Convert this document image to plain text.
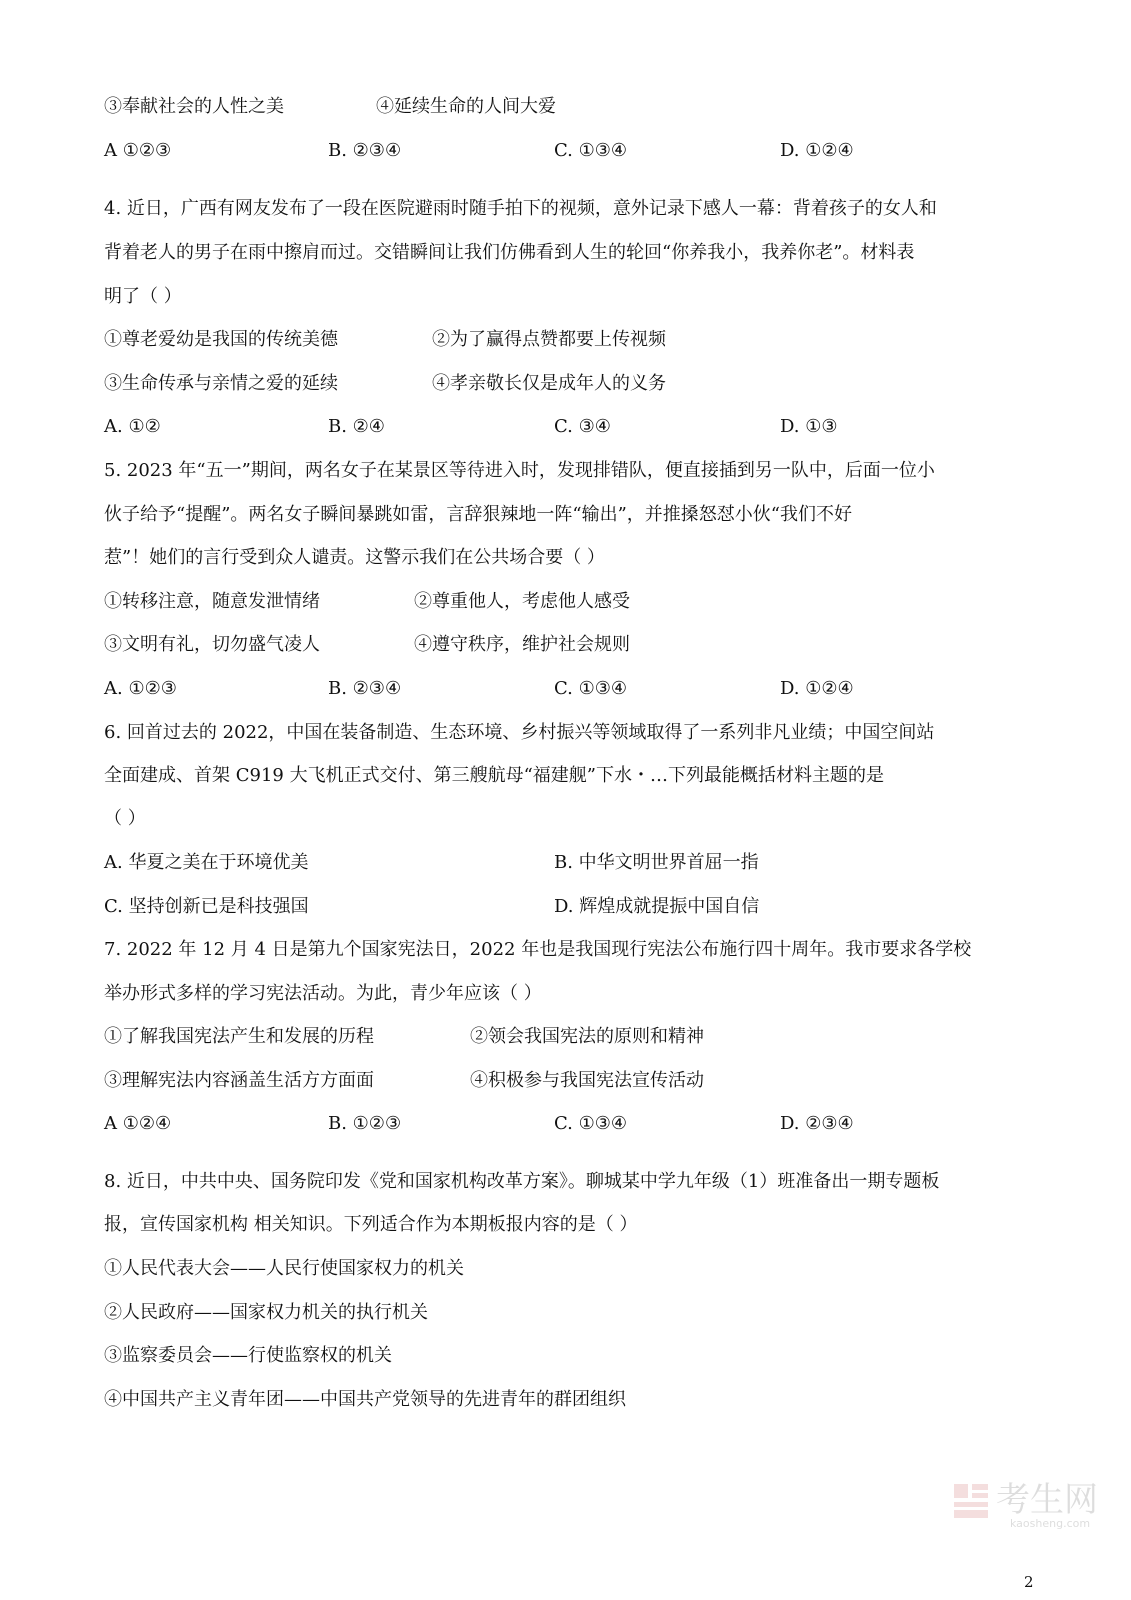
③奉献社会的人性之美	④延续生命的人间大爱
A ①②③	B. ②③④	C. ①③④	D. ①②④
4. 近日，广西有网友发布了一段在医院避雨时随手拍下的视频，意外记录下感人一幕：背着孩子的女人和
背着老人的男子在雨中擦肩而过。交错瞬间让我们仿佛看到人生的轮回“你养我小，我养你老”。材料表
明了（ ）
①尊老爱幼是我国的传统美德	②为了赢得点赞都要上传视频
③生命传承与亲情之爱的延续	④孝亲敬长仅是成年人的义务
A. ①②	B. ②④	C. ③④	D. ①③
5. 2023 年“五一”期间，两名女子在某景区等待进入时，发现排错队，便直接插到另一队中，后面一位小
伙子给予“提醒”。两名女子瞬间暴跳如雷，言辞狠辣地一阵“输出”，并推搡怒怼小伙“我们不好
惹”！她们的言行受到众人谴责。这警示我们在公共场合要（ ）
①转移注意，随意发泄情绪	②尊重他人，考虑他人感受
③文明有礼，切勿盛气凌人	④遵守秩序，维护社会规则
A. ①②③	B. ②③④	C. ①③④	D. ①②④
6. 回首过去的 2022，中国在装备制造、生态环境、乡村振兴等领域取得了一系列非凡业绩；中国空间站
全面建成、首架 C919 大飞机正式交付、第三艘航母“福建舰”下水・…下列最能概括材料主题的是
（ ）
A. 华夏之美在于环境优美	B. 中华文明世界首屈一指
C. 坚持创新已是科技强国	D. 辉煌成就提振中国自信
7. 2022 年 12 月 4 日是第九个国家宪法日，2022 年也是我国现行宪法公布施行四十周年。我市要求各学校
举办形式多样的学习宪法活动。为此，青少年应该（ ）
①了解我国宪法产生和发展的历程	②领会我国宪法的原则和精神
③理解宪法内容涵盖生活方方面面	④积极参与我国宪法宣传活动
A ①②④	B. ①②③	C. ①③④	D. ②③④
8. 近日，中共中央、国务院印发《党和国家机构改革方案》。聊城某中学九年级（1）班准备出一期专题板
报，宣传国家机构 相关知识。下列适合作为本期板报内容的是（ ）
①人民代表大会——人民行使国家权力的机关
②人民政府——国家权力机关的执行机关
③监察委员会——行使监察权的机关
④中国共产主义青年团——中国共产党领导的先进青年的群团组织
考生网
kaosheng.com
2
